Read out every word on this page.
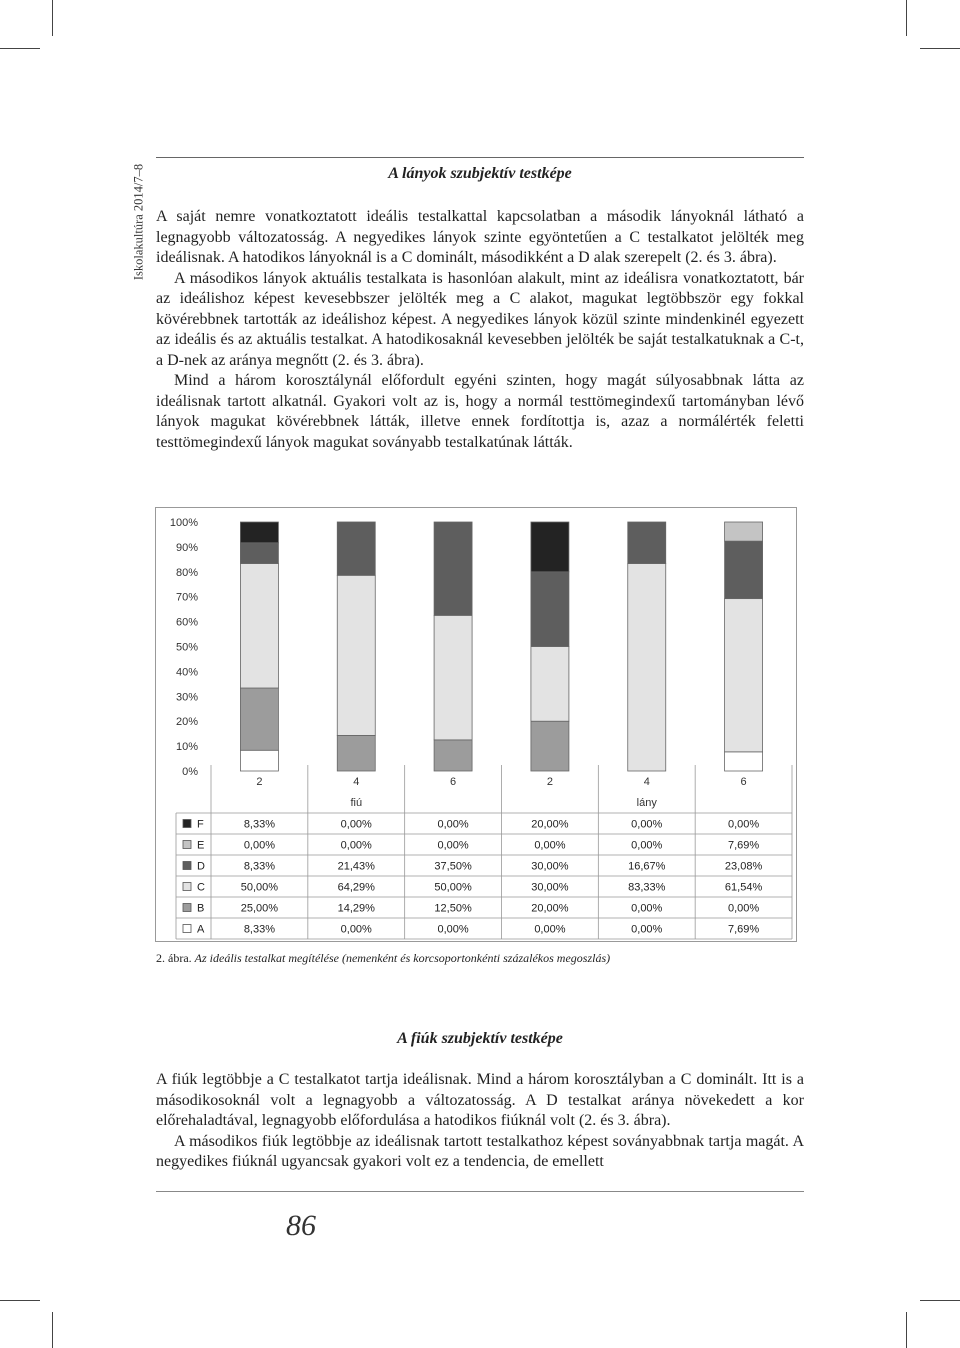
Iskolakultúra 2014/7–8	A lányok szubjektív testképe

A saját nemre vonatkoztatott ideális testalkattal kapcsolatban a második lányoknál látható a legnagyobb változatosság. A negyedikes lányok szinte egyöntetűen a C testalkatot jelölték meg ideálisnak. A hatodikos lányoknál is a C dominált, másodikként a D alak szerepelt (2. és 3. ábra).

A másodikos lányok aktuális testalkata is hasonlóan alakult, mint az ideálisra vonatkoztatott, bár az ideálishoz képest kevesebbszer jelölték meg a C alakot, magukat legtöbbször egy fokkal kövérebbnek tartották az ideálishoz képest. A negyedikes lányok közül szinte mindenkinél egyezett az ideális és az aktuális testalkat. A hatodikosaknál kevesebben jelölték be saját testalkatuknak a C-t, a D-nek az aránya megnőtt (2. és 3. ábra).

Mind a három korosztálynál előfordult egyéni szinten, hogy magát súlyosabbnak látta az ideálisnak tartott alkatnál. Gyakori volt az is, hogy a normál testtömegindexű tartományban lévő lányok magukat kövérebbnek látták, illetve ennek fordítottja is, azaz a normálérték feletti testtömegindexű lányok magukat soványabb testalkatúnak látták.

0%
10%
20%
30%
40%
50%
60%
70%
80%
90%
100%
2	4	6	2	4	6
fiú	lány
F	8,33%	0,00%	0,00%	20,00%	0,00%	0,00%
E	0,00%	0,00%	0,00%	0,00%	0,00%	7,69%
D	8,33%	21,43%	37,50%	30,00%	16,67%	23,08%
C	50,00%	64,29%	50,00%	30,00%	83,33%	61,54%
B	25,00%	14,29%	12,50%	20,00%	0,00%	0,00%
A	8,33%	0,00%	0,00%	0,00%	0,00%	7,69%
2. ábra. Az ideális testalkat megítélése (nemenként és korcsoportonkénti százalékos megoszlás)
A fiúk szubjektív testképe

A fiúk legtöbbje a C testalkatot tartja ideálisnak. Mind a három korosztályban a C dominált. Itt is a másodikosoknál volt a legnagyobb a változatosság. A D testalkat aránya növekedett a kor előrehaladtával, legnagyobb előfordulása a hatodikos fiúknál volt (2. és 3. ábra).

A másodikos fiúk legtöbbje az ideálisnak tartott testalkathoz képest soványabbnak tartja magát. A negyedikes fiúknál ugyancsak gyakori volt ez a tendencia, de emellett

86
